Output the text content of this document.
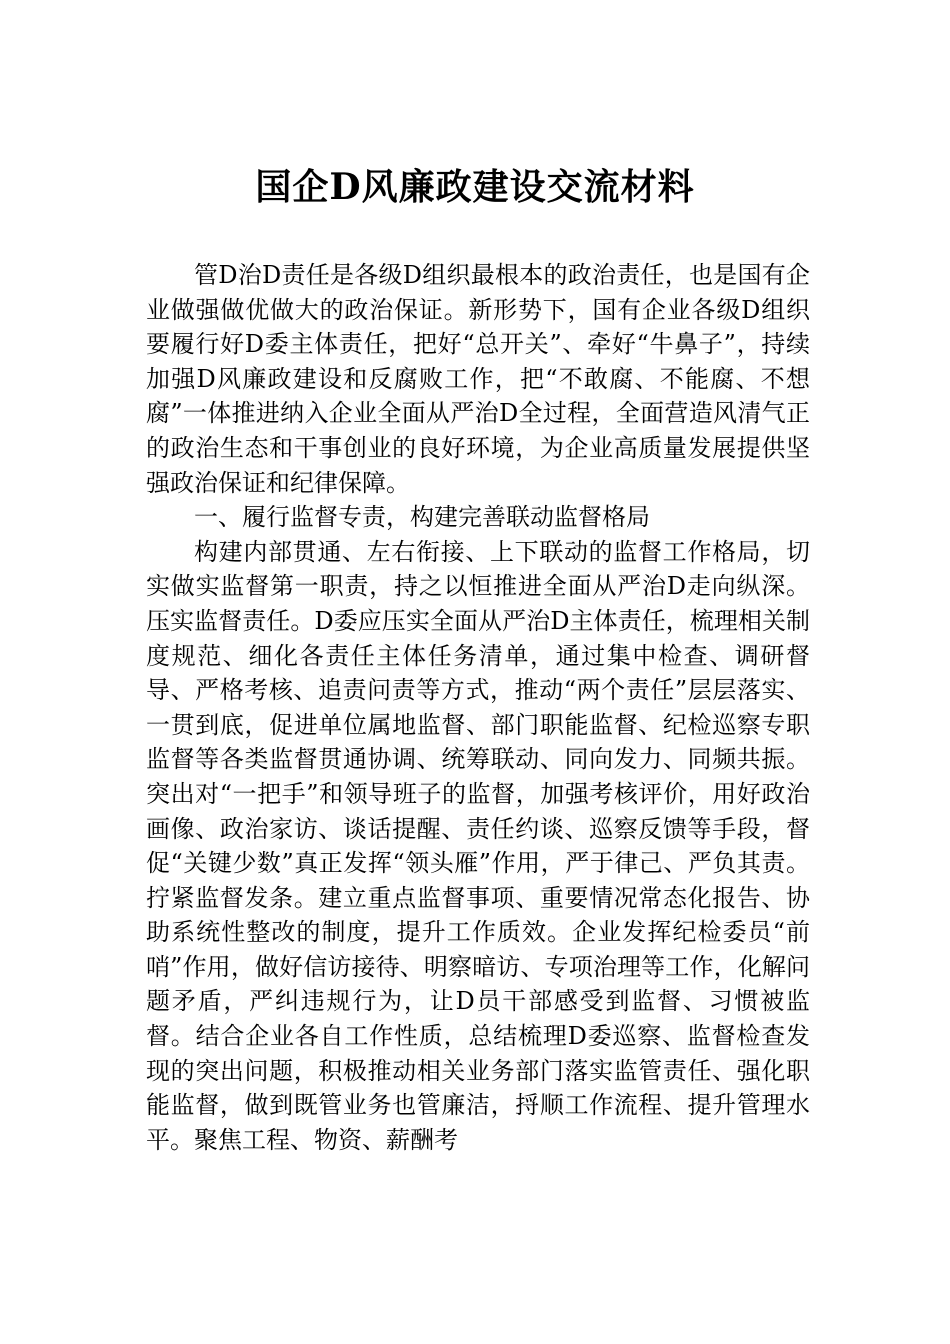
国企D风廉政建设交流材料

管D治D责任是各级D组织最根本的政治责任，也是国有企业做强做优做大的政治保证。新形势下，国有企业各级D组织要履行好D委主体责任，把好“总开关”、牵好“牛鼻子”，持续加强D风廉政建设和反腐败工作，把“不敢腐、不能腐、不想腐”一体推进纳入企业全面从严治D全过程，全面营造风清气正的政治生态和干事创业的良好环境，为企业高质量发展提供坚强政治保证和纪律保障。

一、履行监督专责，构建完善联动监督格局

构建内部贯通、左右衔接、上下联动的监督工作格局，切实做实监督第一职责，持之以恒推进全面从严治D走向纵深。压实监督责任。D委应压实全面从严治D主体责任，梳理相关制度规范、细化各责任主体任务清单，通过集中检查、调研督导、严格考核、追责问责等方式，推动“两个责任”层层落实、一贯到底，促进单位属地监督、部门职能监督、纪检巡察专职监督等各类监督贯通协调、统筹联动、同向发力、同频共振。突出对“一把手”和领导班子的监督，加强考核评价，用好政治画像、政治家访、谈话提醒、责任约谈、巡察反馈等手段，督促“关键少数”真正发挥“领头雁”作用，严于律己、严负其责。拧紧监督发条。建立重点监督事项、重要情况常态化报告、协助系统性整改的制度，提升工作质效。企业发挥纪检委员“前哨”作用，做好信访接待、明察暗访、专项治理等工作，化解问题矛盾，严纠违规行为，让D员干部感受到监督、习惯被监督。结合企业各自工作性质，总结梳理D委巡察、监督检查发现的突出问题，积极推动相关业务部门落实监管责任、强化职能监督，做到既管业务也管廉洁，捋顺工作流程、提升管理水平。聚焦工程、物资、薪酬考
